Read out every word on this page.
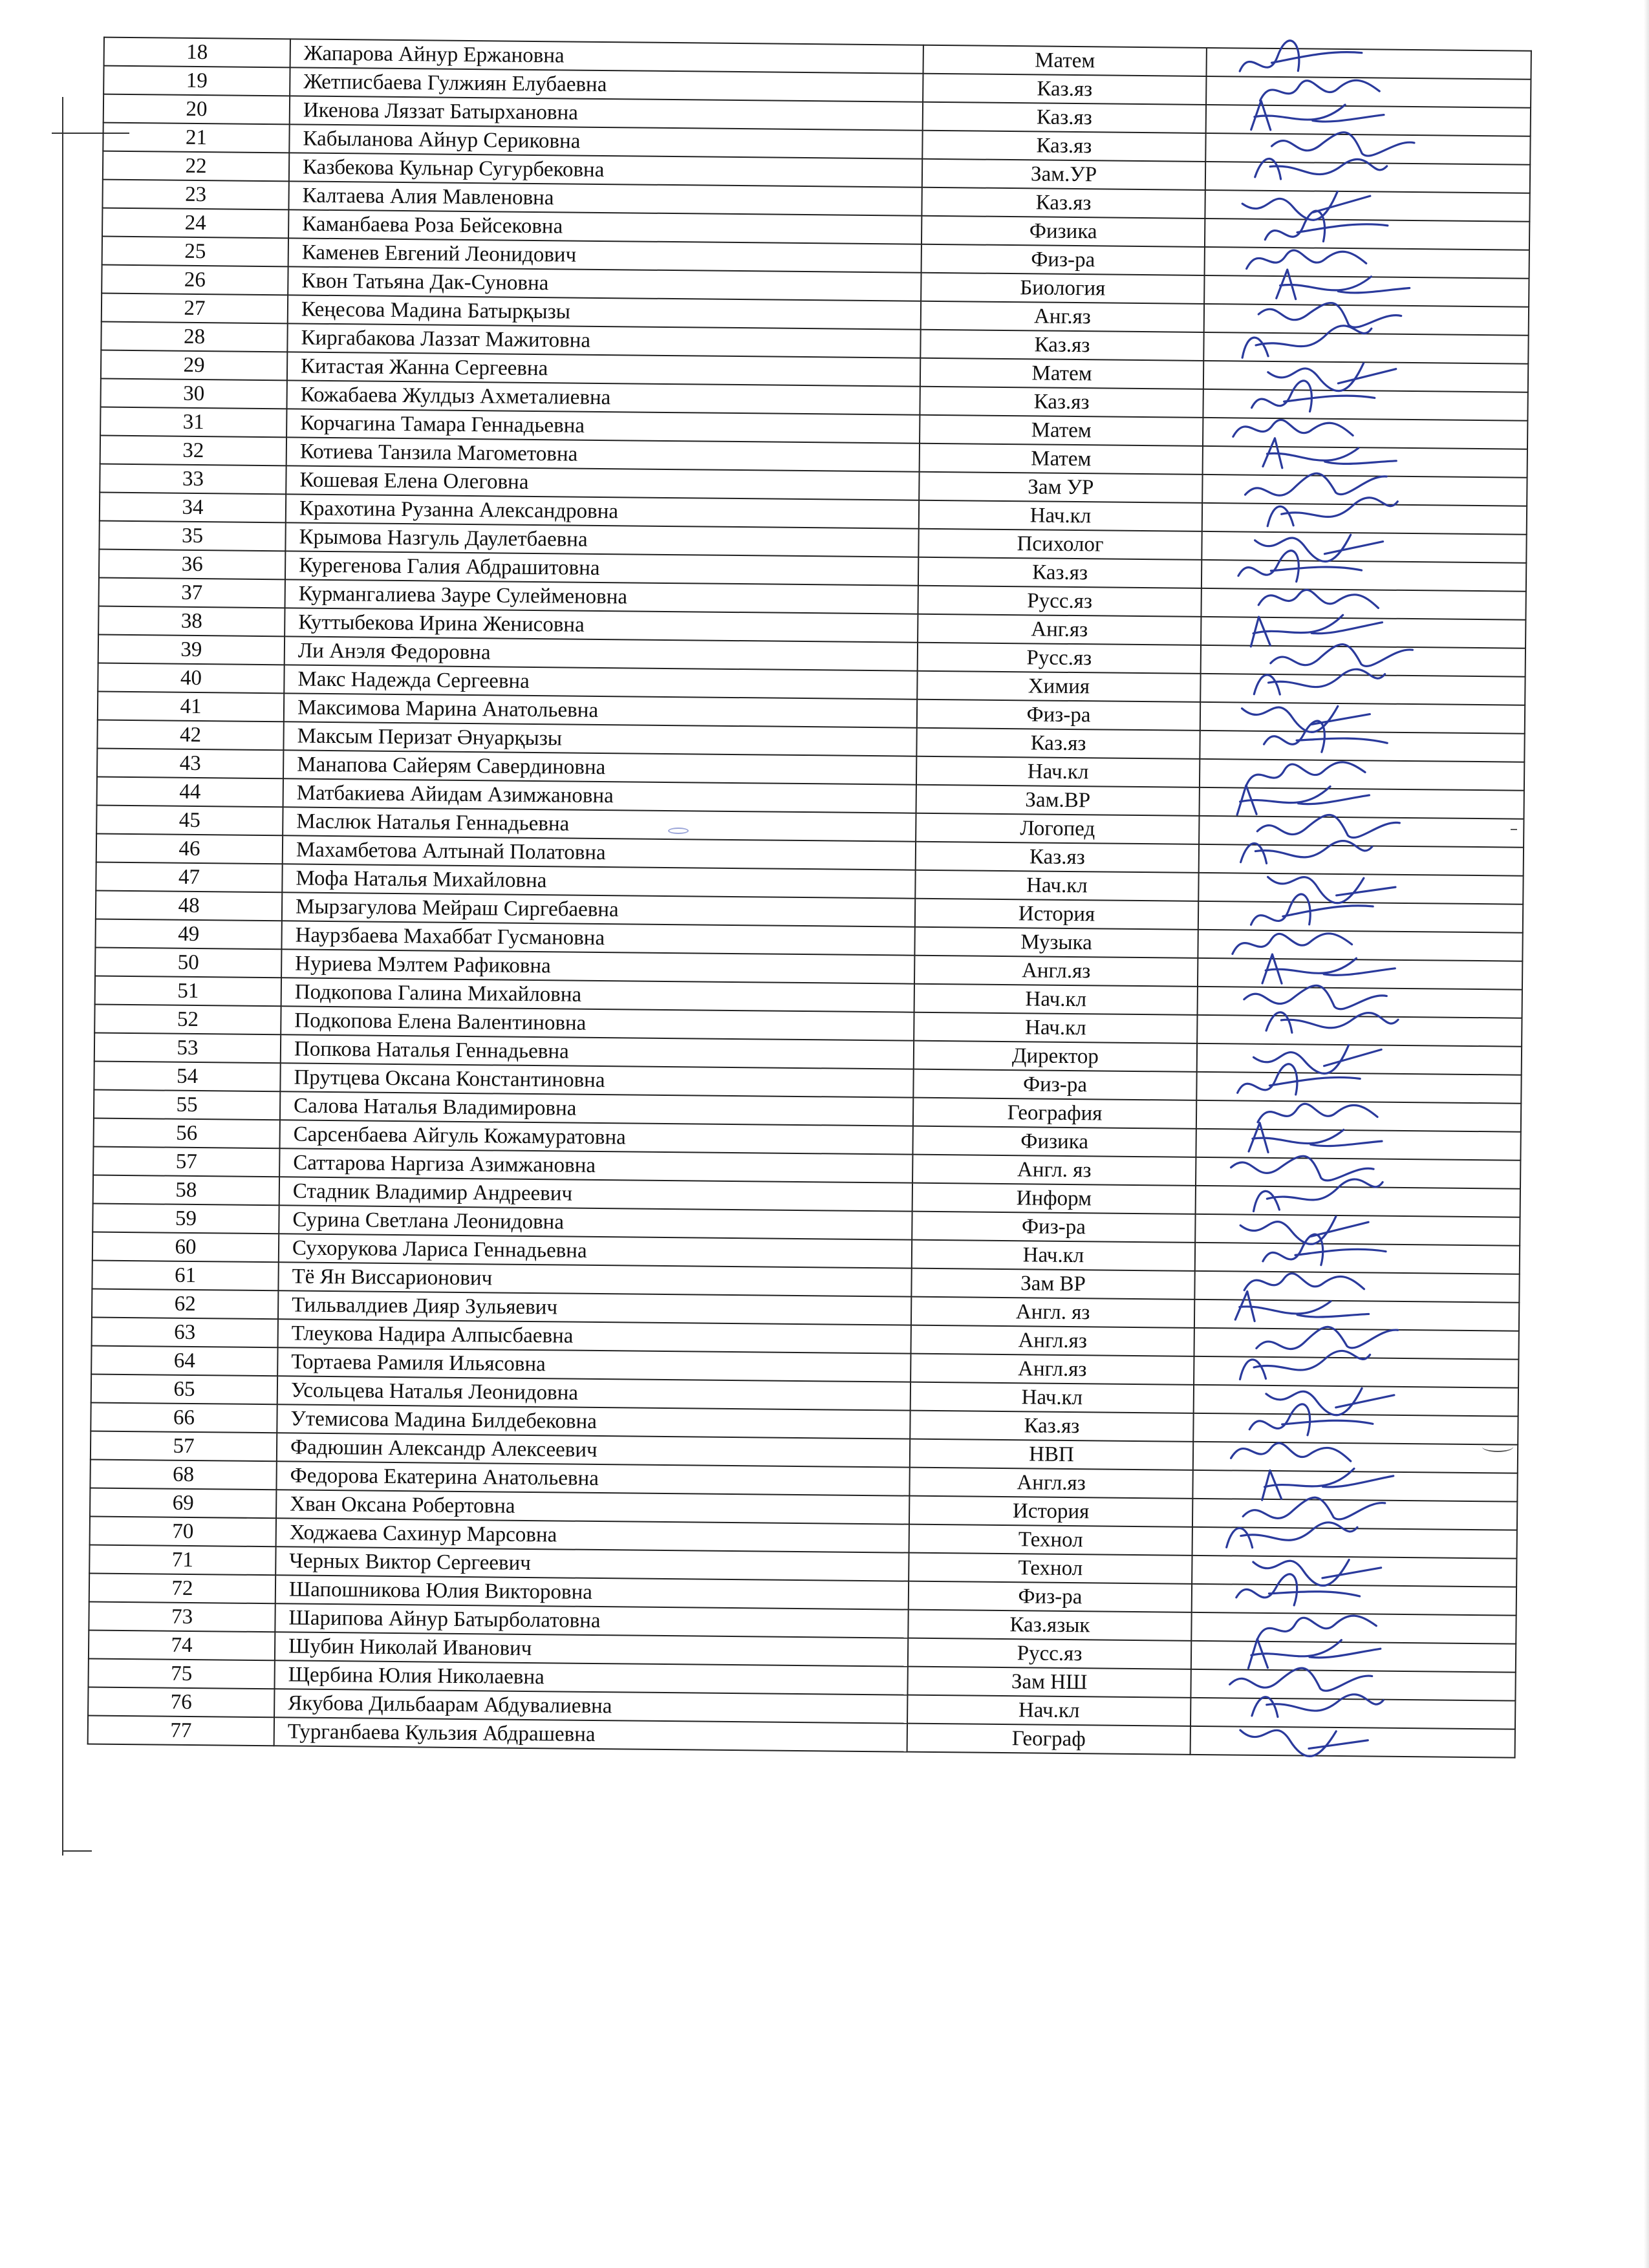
18	Жапарова Айнур Ержановна	Матем	

19	Жетписбаева Гулжиян Елубаевна	Каз.яз	

20	Икенова Ляззат Батырхановна	Каз.яз	

21	Кабыланова Айнур Сериковна	Каз.яз	

22	Казбекова Кульнар Сугурбековна	Зам.УР	

23	Калтаева Алия Мавленовна	Каз.яз	

24	Каманбаева Роза Бейсековна	Физика	

25	Каменев Евгений Леонидович	Физ-ра	

26	Квон Татьяна Дак-Суновна	Биология	

27	Кеңесова Мадина Батырқызы	Анг.яз	

28	Киргабакова Лаззат Мажитовна	Каз.яз	

29	Китастая Жанна Сергеевна	Матем	

30	Кожабаева Жулдыз Ахметалиевна	Каз.яз	

31	Корчагина Тамара Геннадьевна	Матем	

32	Котиева Танзила Магометовна	Матем	

33	Кошевая Елена Олеговна	Зам УР	

34	Крахотина Рузанна Александровна	Нач.кл	

35	Крымова Назгуль Даулетбаевна	Психолог	

36	Курегенова Галия Абдрашитовна	Каз.яз	

37	Курмангалиева Зауре Сулейменовна	Русс.яз	

38	Куттыбекова Ирина Женисовна	Анг.яз	

39	Ли Анэля Федоровна	Русс.яз	

40	Макс Надежда Сергеевна	Химия	

41	Максимова Марина Анатольевна	Физ-ра	

42	Максым Перизат Әнуарқызы	Каз.яз	

43	Манапова Сайерям Савердиновна	Нач.кл	

44	Матбакиева Айидам Азимжановна	Зам.ВР	

45	Маслюк Наталья Геннадьевна	Логопед	

46	Махамбетова Алтынай Полатовна	Каз.яз	

47	Мофа Наталья Михайловна	Нач.кл	

48	Мырзагулова Мейраш Сиргебаевна	История	

49	Наурзбаева Махаббат Гусмановна	Музыка	

50	Нуриева Мэлтем Рафиковна	Англ.яз	

51	Подкопова Галина Михайловна	Нач.кл	

52	Подкопова Елена Валентиновна	Нач.кл	

53	Попкова Наталья Геннадьевна	Директор	

54	Прутцева Оксана Константиновна	Физ-ра	

55	Салова Наталья Владимировна	География	

56	Сарсенбаева Айгуль Кожамуратовна	Физика	

57	Саттарова Наргиза Азимжановна	Англ. яз	

58	Стадник Владимир Андреевич	Информ	

59	Сурина Светлана Леонидовна	Физ-ра	

60	Сухорукова Лариса Геннадьевна	Нач.кл	

61	Тё Ян Виссарионович	Зам ВР	

62	Тильвалдиев Дияр Зульяевич	Англ. яз	

63	Тлеукова Надира Алпысбаевна	Англ.яз	

64	Тортаева Рамиля Ильясовна	Англ.яз	

65	Усольцева Наталья Леонидовна	Нач.кл	

66	Утемисова Мадина Билдебековна	Каз.яз	

57	Фадюшин Александр Алексеевич	НВП	

68	Федорова Екатерина Анатольевна	Англ.яз	

69	Хван Оксана Робертовна	История	

70	Ходжаева Сахинур Марсовна	Технол	

71	Черных Виктор Сергеевич	Технол	

72	Шапошникова Юлия Викторовна	Физ-ра	

73	Шарипова Айнур Батырболатовна	Каз.язык	

74	Шубин Николай Иванович	Русс.яз	

75	Щербина Юлия Николаевна	Зам НШ	

76	Якубова Дильбаарам Абдувалиевна	Нач.кл	

77	Турганбаева Кульзия Абдрашевна	Географ	
